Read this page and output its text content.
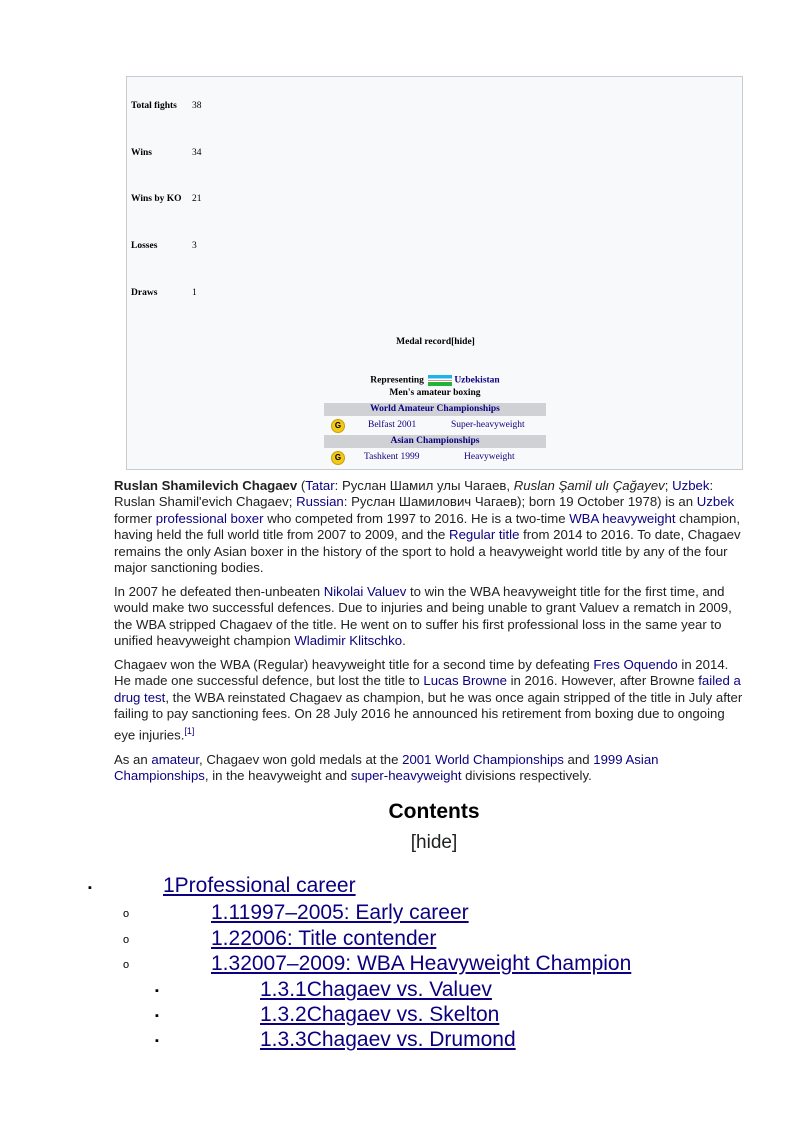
Total fights 38
Wins	34
Wins by KO 21
Losses	3
Draws	1
Medal record[hide]
Representing	Uzbekistan
Men's amateur boxing
World Amateur Championships
G	Belfast 2001	Super-heavyweight
Asian Championships
G	Tashkent 1999	Heavyweight

Ruslan Shamilevich Chagaev (Tatar: Руслан Шамил улы Чагаев, Ruslan Şamil ulı Çağayev; Uzbek: Ruslan Shamil'evich Chagaev; Russian: Руслан Шамилович Чагаев); born 19 October 1978) is an Uzbek former professional boxer who competed from 1997 to 2016. He is a two-time WBA heavyweight champion, having held the full world title from 2007 to 2009, and the Regular title from 2014 to 2016. To date, Chagaev remains the only Asian boxer in the history of the sport to hold a heavyweight world title by any of the four major sanctioning bodies.

In 2007 he defeated then-unbeaten Nikolai Valuev to win the WBA heavyweight title for the first time, and would make two successful defences. Due to injuries and being unable to grant Valuev a rematch in 2009, the WBA stripped Chagaev of the title. He went on to suffer his first professional loss in the same year to unified heavyweight champion Wladimir Klitschko.

Chagaev won the WBA (Regular) heavyweight title for a second time by defeating Fres Oquendo in 2014. He made one successful defence, but lost the title to Lucas Browne in 2016. However, after Browne failed a drug test, the WBA reinstated Chagaev as champion, but he was once again stripped of the title in July after failing to pay sanctioning fees. On 28 July 2016 he announced his retirement from boxing due to ongoing eye injuries.[1]

As an amateur, Chagaev won gold medals at the 2001 World Championships and 1999 Asian Championships, in the heavyweight and super-heavyweight divisions respectively.

Contents
[hide]
▪	1Professional career
o	1.11997–2005: Early career
o	1.22006: Title contender
o	1.32007–2009: WBA Heavyweight Champion
▪	1.3.1Chagaev vs. Valuev
▪	1.3.2Chagaev vs. Skelton
▪	1.3.3Chagaev vs. Drumond
